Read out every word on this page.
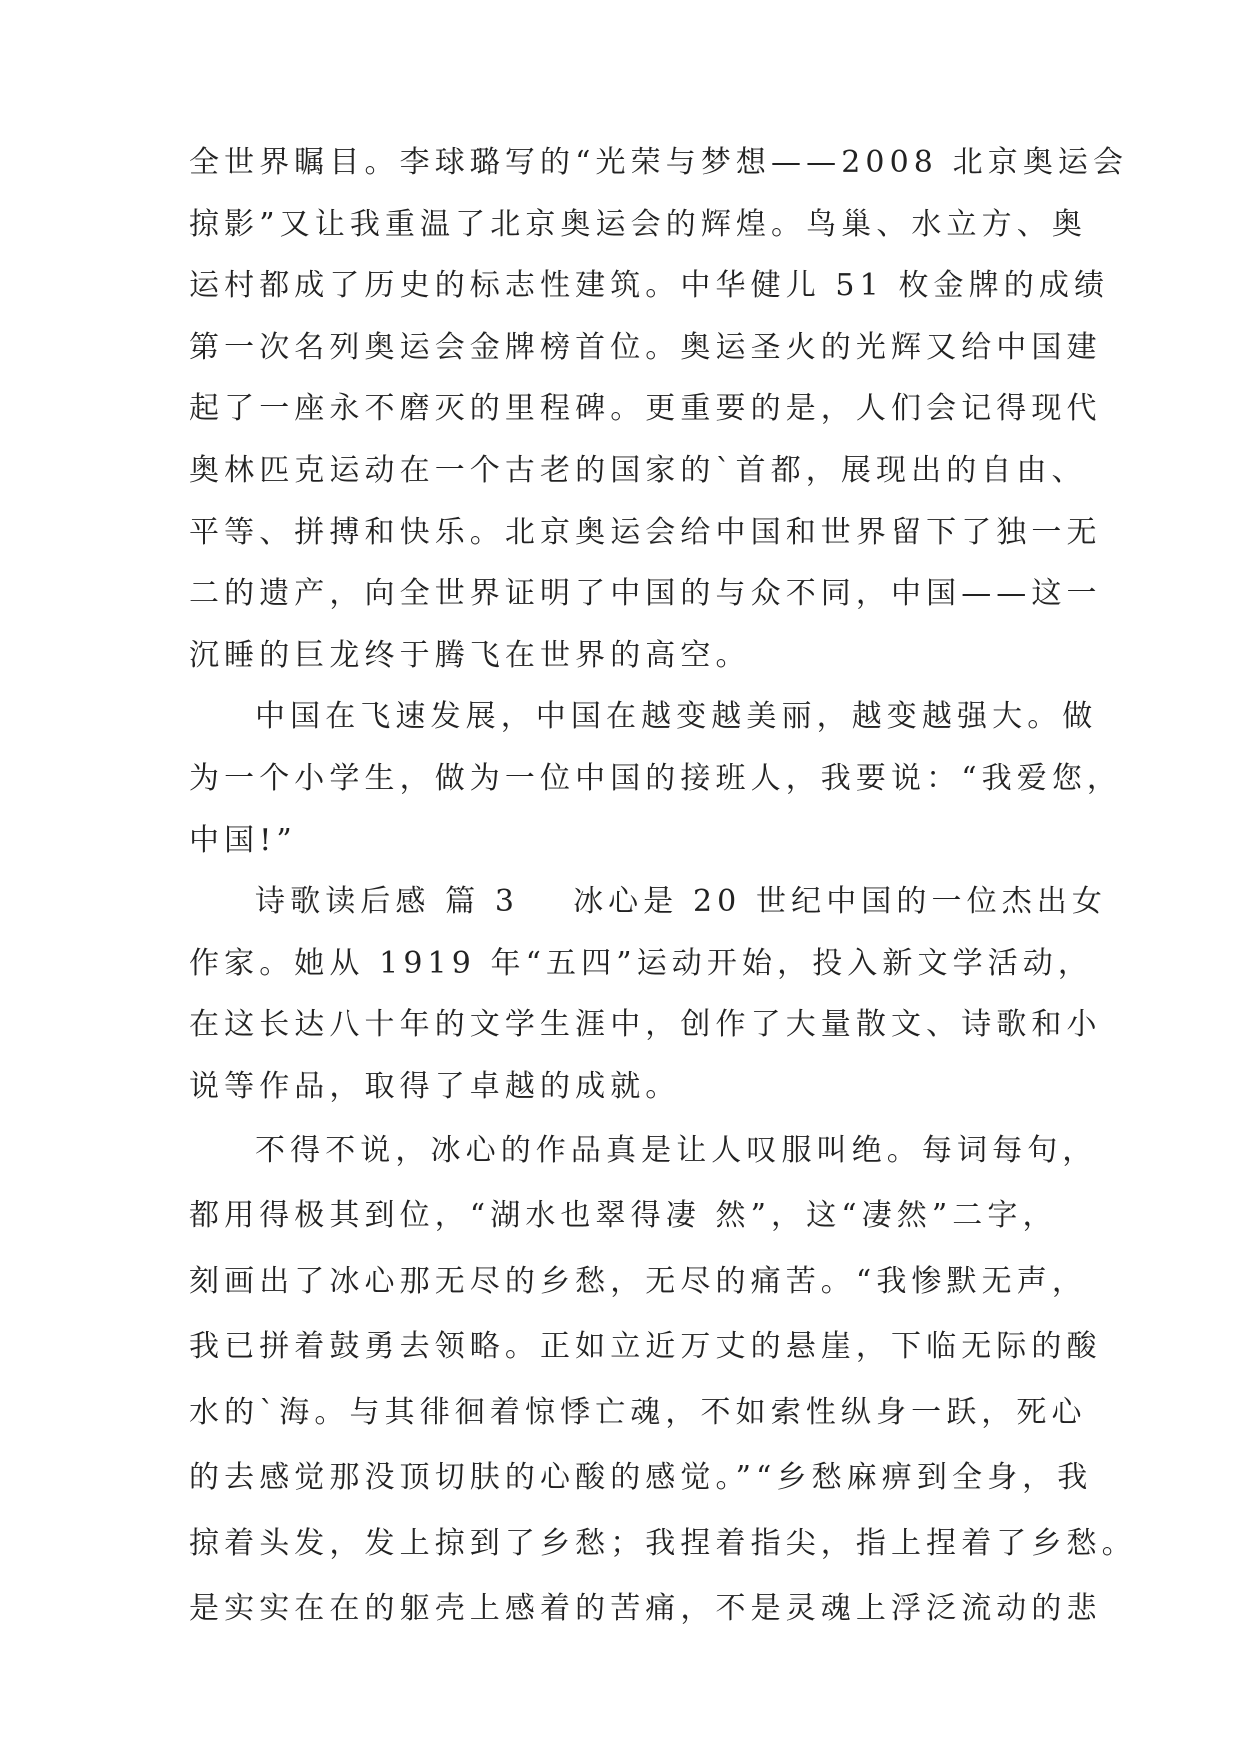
全世界瞩目。李球璐写的“光荣与梦想——2008 北京奥运会
掠影”又让我重温了北京奥运会的辉煌。鸟巢、水立方、奥
运村都成了历史的标志性建筑。中华健儿 51 枚金牌的成绩
第一次名列奥运会金牌榜首位。奥运圣火的光辉又给中国建
起了一座永不磨灭的里程碑。更重要的是，人们会记得现代
奥林匹克运动在一个古老的国家的`首都，展现出的自由、
平等、拼搏和快乐。北京奥运会给中国和世界留下了独一无
二的遗产，向全世界证明了中国的与众不同，中国——这一
沉睡的巨龙终于腾飞在世界的高空。
中国在飞速发展，中国在越变越美丽，越变越强大。做
为一个小学生，做为一位中国的接班人，我要说：“我爱您，
中国!”
诗歌读后感 篇 3 冰心是 20 世纪中国的一位杰出女
作家。她从 1919 年“五四”运动开始，投入新文学活动，
在这长达八十年的文学生涯中，创作了大量散文、诗歌和小
说等作品，取得了卓越的成就。
不得不说，冰心的作品真是让人叹服叫绝。每词每句，
都用得极其到位，“湖水也翠得凄 然”，这“凄然”二字，
刻画出了冰心那无尽的乡愁，无尽的痛苦。“我惨默无声，
我已拼着鼓勇去领略。正如立近万丈的悬崖，下临无际的酸
水的`海。与其徘徊着惊悸亡魂，不如索性纵身一跃，死心
的去感觉那没顶切肤的心酸的感觉。”“乡愁麻痹到全身，我
掠着头发，发上掠到了乡愁；我捏着指尖，指上捏着了乡愁。
是实实在在的躯壳上感着的苦痛，不是灵魂上浮泛流动的悲
